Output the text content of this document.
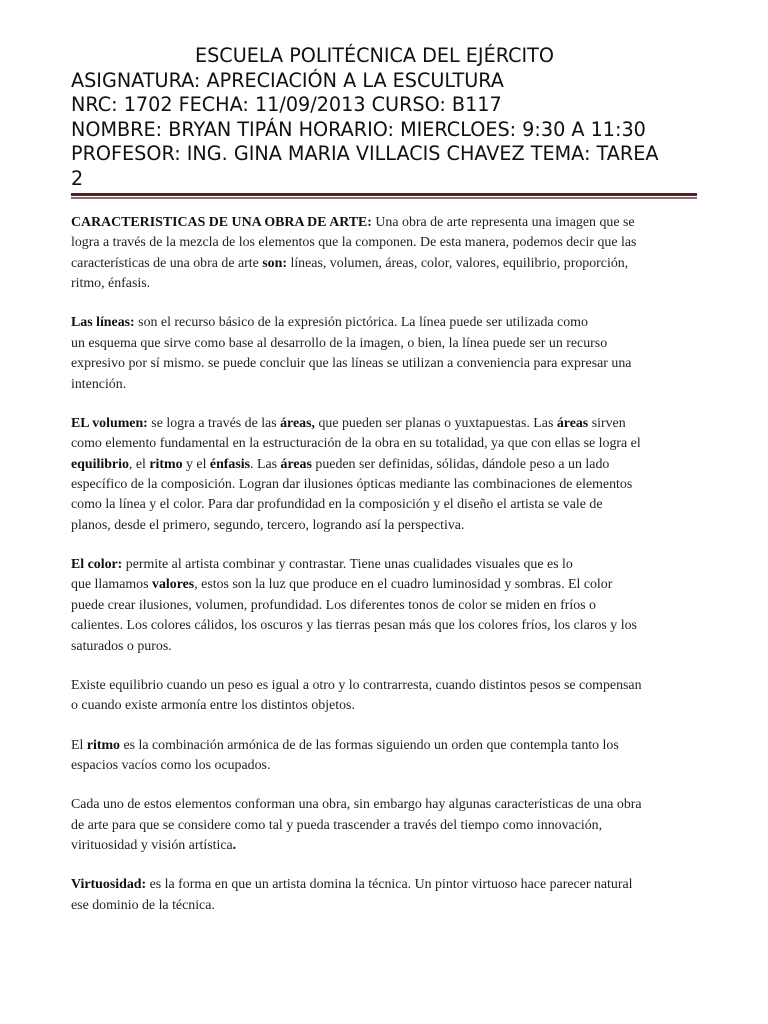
ESCUELA POLITÉCNICA DEL EJÉRCITO
ASIGNATURA: APRECIACIÓN A LA ESCULTURA
NRC: 1702 FECHA: 11/09/2013 CURSO: B117
NOMBRE: BRYAN TIPÁN HORARIO: MIERCLOES: 9:30 A 11:30
PROFESOR: ING. GINA MARIA VILLACIS CHAVEZ TEMA: TAREA
2

CARACTERISTICAS DE UNA OBRA DE ARTE: Una obra de arte representa una imagen que se
logra a través de la mezcla de los elementos que la componen. De esta manera, podemos decir que las
características de una obra de arte son: líneas, volumen, áreas, color, valores, equilibrio, proporción,
ritmo, énfasis.

Las líneas: son el recurso básico de la expresión pictórica. La línea puede ser utilizada como
un esquema que sirve como base al desarrollo de la imagen, o bien, la línea puede ser un recurso
expresivo por sí mismo. se puede concluir que las líneas se utilizan a conveniencia para expresar una
intención.

EL volumen: se logra a través de las áreas, que pueden ser planas o yuxtapuestas. Las áreas sirven
como elemento fundamental en la estructuración de la obra en su totalidad, ya que con ellas se logra el
equilibrio, el ritmo y el énfasis. Las áreas pueden ser definidas, sólidas, dándole peso a un lado
específico de la composición. Logran dar ilusiones ópticas mediante las combinaciones de elementos
como la línea y el color. Para dar profundidad en la composición y el diseño el artista se vale de
planos, desde el primero, segundo, tercero, logrando así la perspectiva.

El color: permite al artista combinar y contrastar. Tiene unas cualidades visuales que es lo
que llamamos valores, estos son la luz que produce en el cuadro luminosidad y sombras. El color
puede crear ilusiones, volumen, profundidad. Los diferentes tonos de color se miden en fríos o
calientes. Los colores cálidos, los oscuros y las tierras pesan más que los colores fríos, los claros y los
saturados o puros.

Existe equilibrio cuando un peso es igual a otro y lo contrarresta, cuando distintos pesos se compensan
o cuando existe armonía entre los distintos objetos.

El ritmo es la combinación armónica de de las formas siguiendo un orden que contempla tanto los
espacios vacíos como los ocupados.

Cada uno de estos elementos conforman una obra, sin embargo hay algunas características de una obra
de arte para que se considere como tal y pueda trascender a través del tiempo como innovación,
virituosidad y visión artística.

Virtuosidad: es la forma en que un artista domina la técnica. Un pintor virtuoso hace parecer natural
ese dominio de la técnica.
